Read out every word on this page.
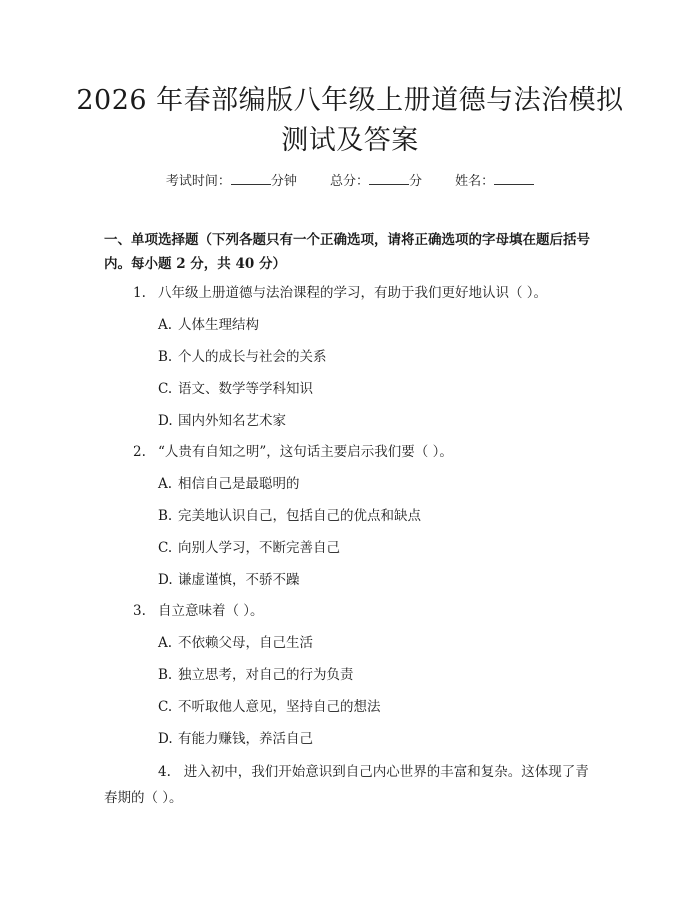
2026 年春部编版八年级上册道德与法治模拟
测试及答案
考试时间：	分钟	总分：	分	姓名：
一、单项选择题（下列各题只有一个正确选项，请将正确选项的字母填在题后括号内。每小题 2 分，共 40 分）
1. 八年级上册道德与法治课程的学习，有助于我们更好地认识（ ）。
A. 人体生理结构
B. 个人的成长与社会的关系
C. 语文、数学等学科知识
D. 国内外知名艺术家
2. “人贵有自知之明”，这句话主要启示我们要（ ）。
A. 相信自己是最聪明的
B. 完美地认识自己，包括自己的优点和缺点
C. 向别人学习，不断完善自己
D. 谦虚谨慎，不骄不躁
3. 自立意味着（ ）。
A. 不依赖父母，自己生活
B. 独立思考，对自己的行为负责
C. 不听取他人意见，坚持自己的想法
D. 有能力赚钱，养活自己
4. 进入初中，我们开始意识到自己内心世界的丰富和复杂。这体现了青春期的（ ）。
